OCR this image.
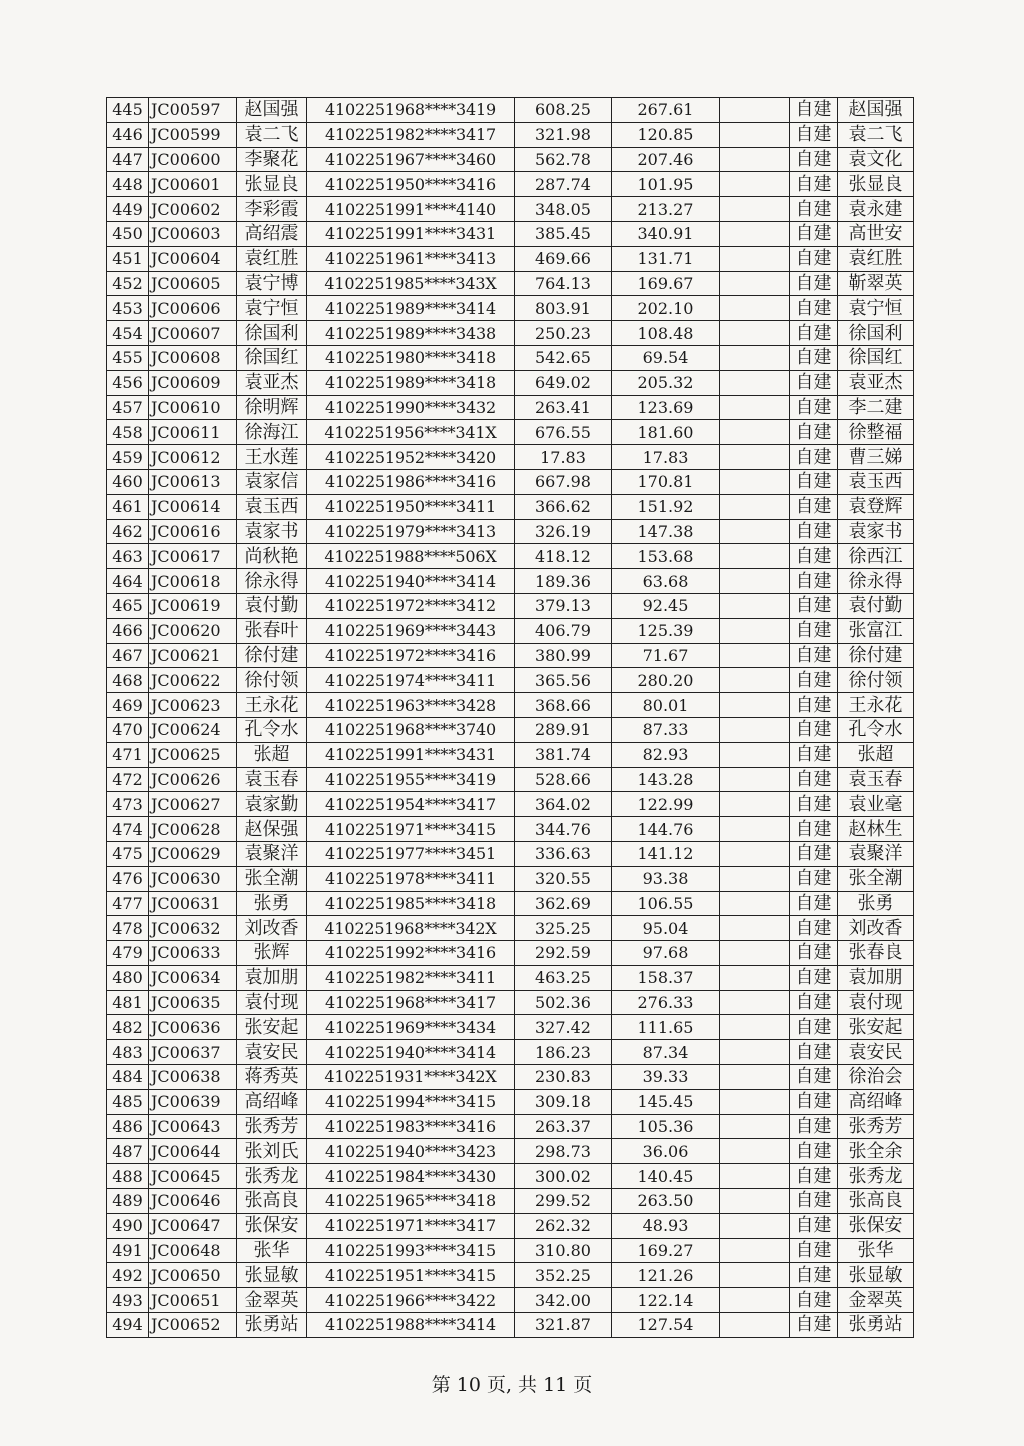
445	JC00597	赵国强	4102251968****3419	608.25	267.61		自建	赵国强
446	JC00599	袁二飞	4102251982****3417	321.98	120.85		自建	袁二飞
447	JC00600	李聚花	4102251967****3460	562.78	207.46		自建	袁文化
448	JC00601	张显良	4102251950****3416	287.74	101.95		自建	张显良
449	JC00602	李彩霞	4102251991****4140	348.05	213.27		自建	袁永建
450	JC00603	高绍震	4102251991****3431	385.45	340.91		自建	高世安
451	JC00604	袁红胜	4102251961****3413	469.66	131.71		自建	袁红胜
452	JC00605	袁宁博	4102251985****343X	764.13	169.67		自建	靳翠英
453	JC00606	袁宁恒	4102251989****3414	803.91	202.10		自建	袁宁恒
454	JC00607	徐国利	4102251989****3438	250.23	108.48		自建	徐国利
455	JC00608	徐国红	4102251980****3418	542.65	69.54		自建	徐国红
456	JC00609	袁亚杰	4102251989****3418	649.02	205.32		自建	袁亚杰
457	JC00610	徐明辉	4102251990****3432	263.41	123.69		自建	李二建
458	JC00611	徐海江	4102251956****341X	676.55	181.60		自建	徐整福
459	JC00612	王水莲	4102251952****3420	17.83	17.83		自建	曹三娣
460	JC00613	袁家信	4102251986****3416	667.98	170.81		自建	袁玉西
461	JC00614	袁玉西	4102251950****3411	366.62	151.92		自建	袁登辉
462	JC00616	袁家书	4102251979****3413	326.19	147.38		自建	袁家书
463	JC00617	尚秋艳	4102251988****506X	418.12	153.68		自建	徐西江
464	JC00618	徐永得	4102251940****3414	189.36	63.68		自建	徐永得
465	JC00619	袁付勤	4102251972****3412	379.13	92.45		自建	袁付勤
466	JC00620	张春叶	4102251969****3443	406.79	125.39		自建	张富江
467	JC00621	徐付建	4102251972****3416	380.99	71.67		自建	徐付建
468	JC00622	徐付领	4102251974****3411	365.56	280.20		自建	徐付领
469	JC00623	王永花	4102251963****3428	368.66	80.01		自建	王永花
470	JC00624	孔令水	4102251968****3740	289.91	87.33		自建	孔令水
471	JC00625	张超	4102251991****3431	381.74	82.93		自建	张超
472	JC00626	袁玉春	4102251955****3419	528.66	143.28		自建	袁玉春
473	JC00627	袁家勤	4102251954****3417	364.02	122.99		自建	袁业毫
474	JC00628	赵保强	4102251971****3415	344.76	144.76		自建	赵林生
475	JC00629	袁聚洋	4102251977****3451	336.63	141.12		自建	袁聚洋
476	JC00630	张全潮	4102251978****3411	320.55	93.38		自建	张全潮
477	JC00631	张勇	4102251985****3418	362.69	106.55		自建	张勇
478	JC00632	刘改香	4102251968****342X	325.25	95.04		自建	刘改香
479	JC00633	张辉	4102251992****3416	292.59	97.68		自建	张春良
480	JC00634	袁加朋	4102251982****3411	463.25	158.37		自建	袁加朋
481	JC00635	袁付现	4102251968****3417	502.36	276.33		自建	袁付现
482	JC00636	张安起	4102251969****3434	327.42	111.65		自建	张安起
483	JC00637	袁安民	4102251940****3414	186.23	87.34		自建	袁安民
484	JC00638	蒋秀英	4102251931****342X	230.83	39.33		自建	徐治会
485	JC00639	高绍峰	4102251994****3415	309.18	145.45		自建	高绍峰
486	JC00643	张秀芳	4102251983****3416	263.37	105.36		自建	张秀芳
487	JC00644	张刘氏	4102251940****3423	298.73	36.06		自建	张全余
488	JC00645	张秀龙	4102251984****3430	300.02	140.45		自建	张秀龙
489	JC00646	张高良	4102251965****3418	299.52	263.50		自建	张高良
490	JC00647	张保安	4102251971****3417	262.32	48.93		自建	张保安
491	JC00648	张华	4102251993****3415	310.80	169.27		自建	张华
492	JC00650	张显敏	4102251951****3415	352.25	121.26		自建	张显敏
493	JC00651	金翠英	4102251966****3422	342.00	122.14		自建	金翠英
494	JC00652	张勇站	4102251988****3414	321.87	127.54		自建	张勇站
第 10 页, 共 11 页
